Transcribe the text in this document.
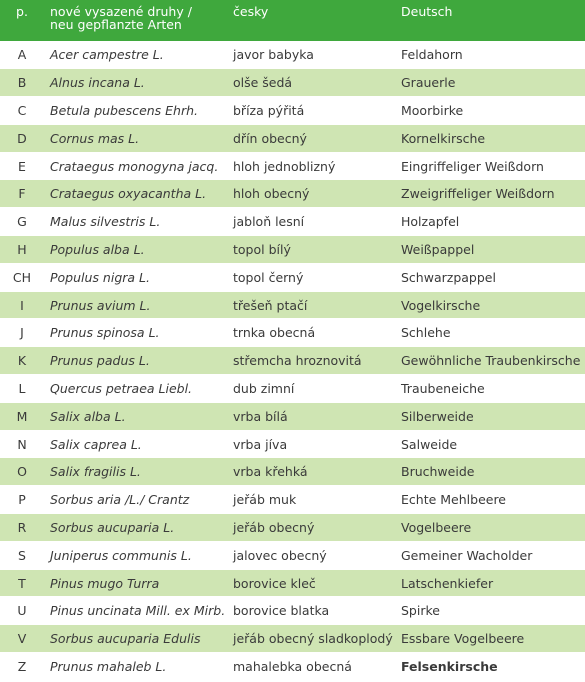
p.	nové vysazené druhy /
neu gepflanzte Arten	česky	Deutsch
A	Acer campestre L.	javor babyka	Feldahorn
B	Alnus incana L.	olše šedá	Grauerle
C	Betula pubescens Ehrh.	bříza pýřitá	Moorbirke
D	Cornus mas L.	dřín obecný	Kornelkirsche
E	Crataegus monogyna jacq.	hloh jednoblizný	Eingriffeliger Weißdorn
F	Crataegus oxyacantha L.	hloh obecný	Zweigriffeliger Weißdorn
G	Malus silvestris L.	jabloň lesní	Holzapfel
H	Populus alba L.	topol bílý	Weißpappel
CH	Populus nigra L.	topol černý	Schwarzpappel
I	Prunus avium L.	třešeň ptačí	Vogelkirsche
J	Prunus spinosa L.	trnka obecná	Schlehe
K	Prunus padus L.	střemcha hroznovitá	Gewöhnliche Traubenkirsche
L	Quercus petraea Liebl.	dub zimní	Traubeneiche
M	Salix alba L.	vrba bílá	Silberweide
N	Salix caprea L.	vrba jíva	Salweide
O	Salix fragilis L.	vrba křehká	Bruchweide
P	Sorbus aria /L./ Crantz	jeřáb muk	Echte Mehlbeere
R	Sorbus aucuparia L.	jeřáb obecný	Vogelbeere
S	Juniperus communis L.	jalovec obecný	Gemeiner Wacholder
T	Pinus mugo Turra	borovice kleč	Latschenkiefer
U	Pinus uncinata Mill. ex Mirb.	borovice blatka	Spirke
V	Sorbus aucuparia Edulis	jeřáb obecný sladkoplodý	Essbare Vogelbeere
Z	Prunus mahaleb L.	mahalebka obecná	Felsenkirsche
